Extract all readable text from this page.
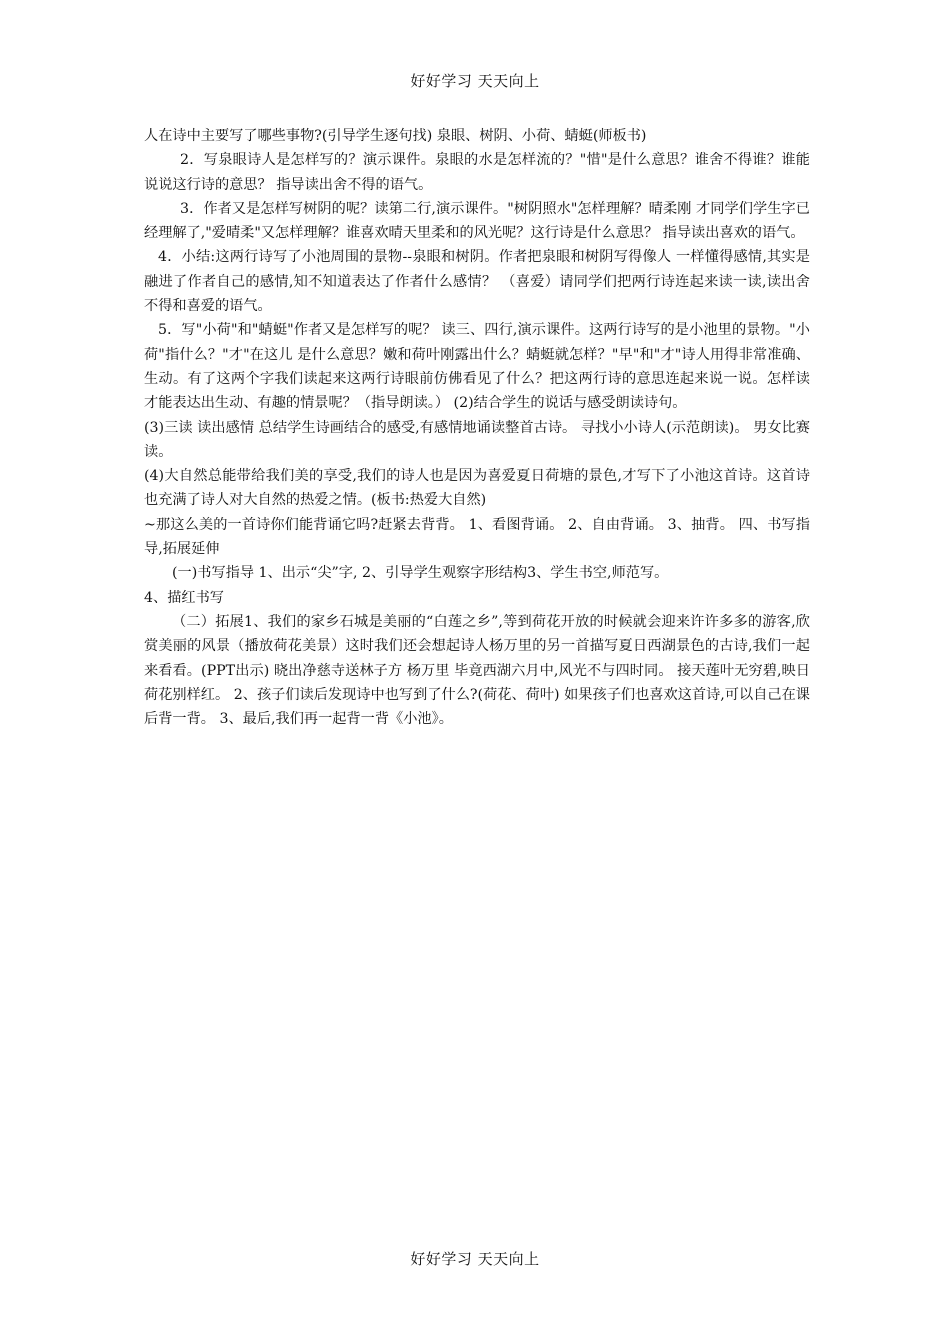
好好学习 天天向上

人在诗中主要写了哪些事物?(引导学生逐句找) 泉眼、树阴、小荷、蜻蜓(师板书)

2．写泉眼诗人是怎样写的？演示课件。泉眼的水是怎样流的？"惜"是什么意思？谁舍不得谁？谁能说说这行诗的意思？ 指导读出舍不得的语气。

3．作者又是怎样写树阴的呢？读第二行,演示课件。"树阴照水"怎样理解？晴柔刚 才同学们学生字已经理解了,"爱晴柔"又怎样理解？谁喜欢晴天里柔和的风光呢？这行诗是什么意思？ 指导读出喜欢的语气。

4．小结:这两行诗写了小池周围的景物--泉眼和树阴。作者把泉眼和树阴写得像人 一样懂得感情,其实是融进了作者自己的感情,知不知道表达了作者什么感情？ （喜爱）请同学们把两行诗连起来读一读,读出舍不得和喜爱的语气。

5．写"小荷"和"蜻蜓"作者又是怎样写的呢？ 读三、四行,演示课件。这两行诗写的是小池里的景物。"小荷"指什么？"才"在这儿 是什么意思？嫩和荷叶刚露出什么？蜻蜓就怎样？"早"和"才"诗人用得非常准确、生动。有了这两个字我们读起来这两行诗眼前仿佛看见了什么？把这两行诗的意思连起来说一说。怎样读才能表达出生动、有趣的情景呢？（指导朗读。） (2)结合学生的说话与感受朗读诗句。

(3)三读 读出感情 总结学生诗画结合的感受,有感情地诵读整首古诗。 寻找小小诗人(示范朗读)。 男女比赛读。

(4)大自然总能带给我们美的享受,我们的诗人也是因为喜爱夏日荷塘的景色,才写下了小池这首诗。这首诗也充满了诗人对大自然的热爱之情。(板书:热爱大自然)

~那这么美的一首诗你们能背诵它吗?赶紧去背背。 1、看图背诵。 2、自由背诵。 3、抽背。 四、书写指导,拓展延伸

(一)书写指导 1、出示“尖”字, 2、引导学生观察字形结构3、学生书空,师范写。

4、描红书写

（二）拓展1、我们的家乡石城是美丽的“白莲之乡”,等到荷花开放的时候就会迎来许许多多的游客,欣赏美丽的风景（播放荷花美景）这时我们还会想起诗人杨万里的另一首描写夏日西湖景色的古诗,我们一起来看看。(PPT出示) 晓出净慈寺送林子方 杨万里 毕竟西湖六月中,风光不与四时同。 接天莲叶无穷碧,映日荷花别样红。 2、孩子们读后发现诗中也写到了什么?(荷花、荷叶) 如果孩子们也喜欢这首诗,可以自己在课后背一背。 3、最后,我们再一起背一背《小池》。

好好学习 天天向上
